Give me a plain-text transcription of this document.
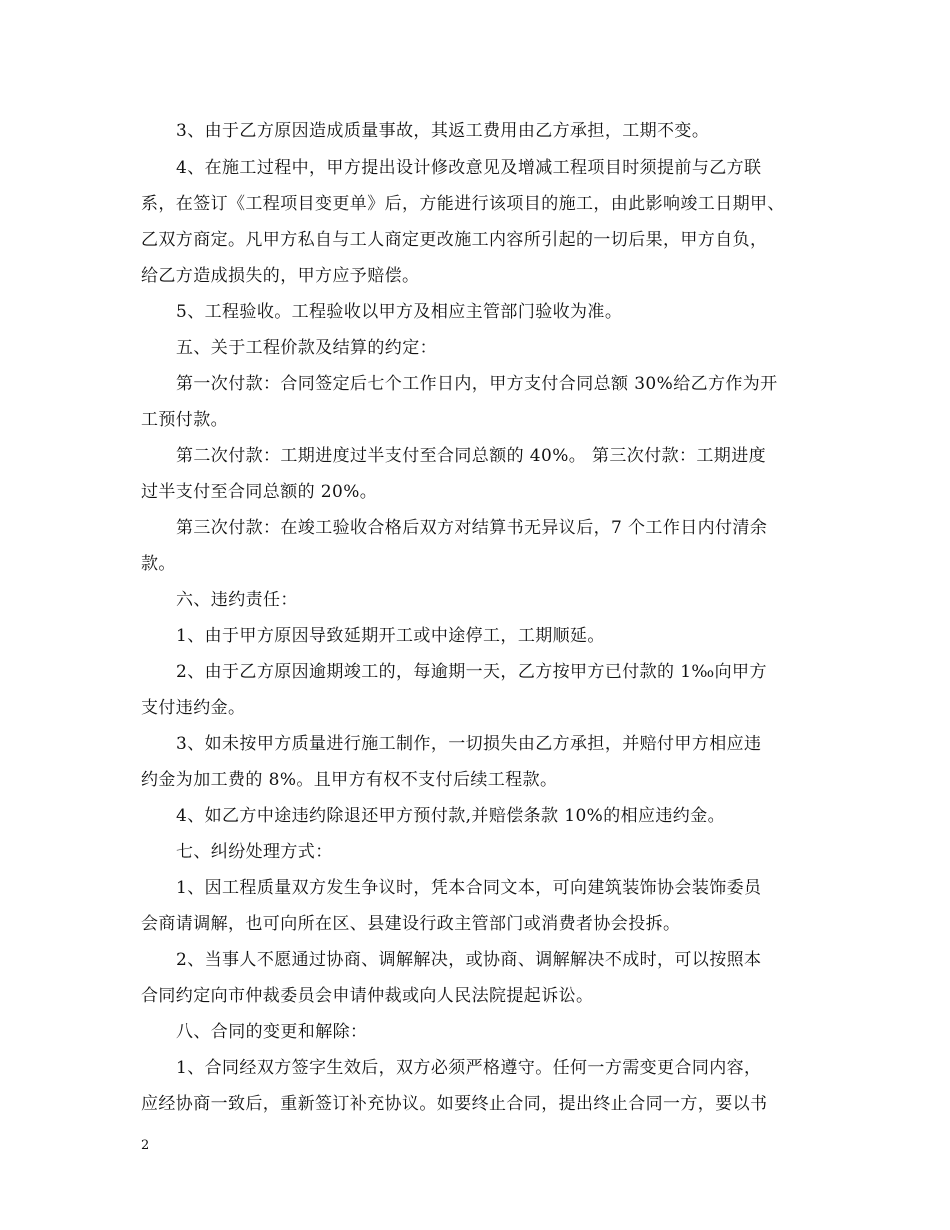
3、由于乙方原因造成质量事故，其返工费用由乙方承担，工期不变。
4、在施工过程中，甲方提出设计修改意见及增减工程项目时须提前与乙方联
系，在签订《工程项目变更单》后，方能进行该项目的施工，由此影响竣工日期甲、
乙双方商定。凡甲方私自与工人商定更改施工内容所引起的一切后果，甲方自负，
给乙方造成损失的，甲方应予赔偿。
5、工程验收。工程验收以甲方及相应主管部门验收为准。
五、关于工程价款及结算的约定：
第一次付款：合同签定后七个工作日内，甲方支付合同总额 30%给乙方作为开
工预付款。
第二次付款：工期进度过半支付至合同总额的 40%。 第三次付款：工期进度
过半支付至合同总额的 20%。
第三次付款：在竣工验收合格后双方对结算书无异议后，7 个工作日内付清余
款。
六、违约责任：
1、由于甲方原因导致延期开工或中途停工，工期顺延。
2、由于乙方原因逾期竣工的，每逾期一天，乙方按甲方已付款的 1‰向甲方
支付违约金。
3、如未按甲方质量进行施工制作，一切损失由乙方承担，并赔付甲方相应违
约金为加工费的 8%。且甲方有权不支付后续工程款。
4、如乙方中途违约除退还甲方预付款,并赔偿条款 10%的相应违约金。
七、纠纷处理方式：
1、因工程质量双方发生争议时，凭本合同文本，可向建筑装饰协会装饰委员
会商请调解，也可向所在区、县建设行政主管部门或消费者协会投拆。
2、当事人不愿通过协商、调解解决，或协商、调解解决不成时，可以按照本
合同约定向市仲裁委员会申请仲裁或向人民法院提起诉讼。
八、合同的变更和解除：
1、合同经双方签字生效后，双方必须严格遵守。任何一方需变更合同内容，
应经协商一致后，重新签订补充协议。如要终止合同，提出终止合同一方，要以书
2
